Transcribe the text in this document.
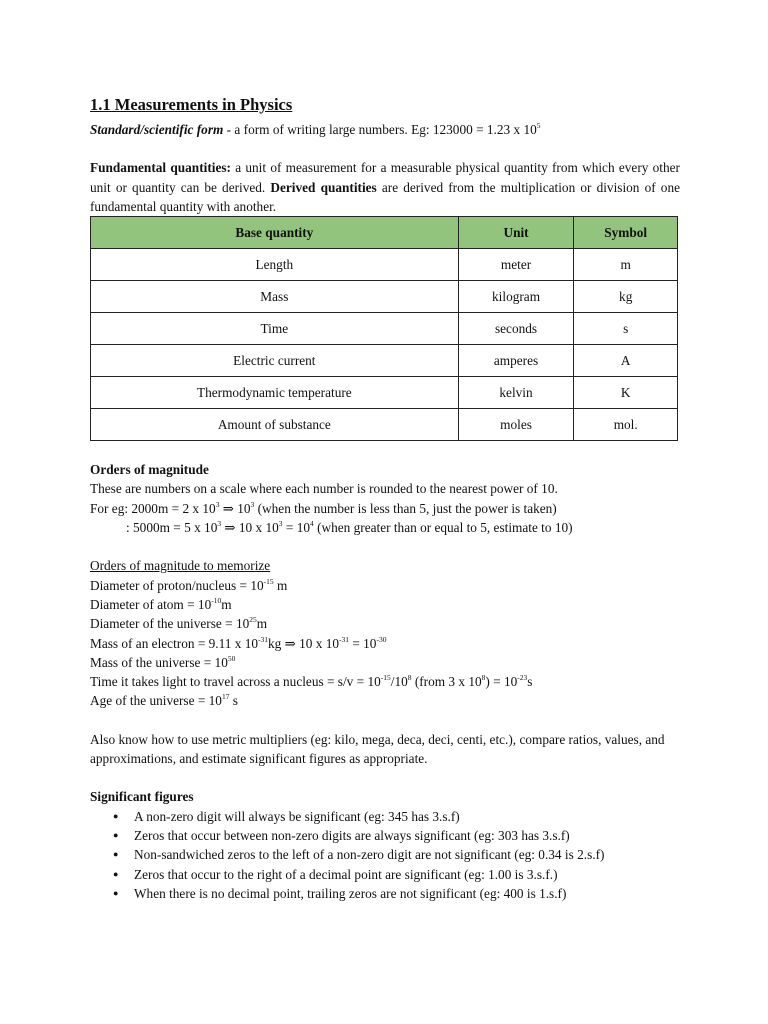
1.1 Measurements in Physics

Standard/scientific form - a form of writing large numbers. Eg: 123000 = 1.23 x $10^5$

Fundamental quantities: a unit of measurement for a measurable physical quantity from which every other unit or quantity can be derived. Derived quantities are derived from the multiplication or division of one fundamental quantity with another.

Base quantity	Unit	Symbol
Length	meter	m
Mass	kilogram	kg
Time	seconds	s
Electric current	amperes	A
Thermodynamic temperature	kelvin	K
Amount of substance	moles	mol.

Orders of magnitude

These are numbers on a scale where each number is rounded to the nearest power of 10.

For eg: 2000m = 2 x $10^3$ ⇒ $10^3$ (when the number is less than 5, just the power is taken)

: 5000m = 5 x $10^3$ ⇒ 10 x $10^3 = 10^4$ (when greater than or equal to 5, estimate to 10)

Orders of magnitude to memorize

Diameter of proton/nucleus = $10^{-15}$ m

Diameter of atom = $10^{-10}m$

Diameter of the universe = $10^{25}m$

Mass of an electron = 9.11 x $10^{-31}kg$ ⇒ 10 x $10^{-31} = 10^{-30}$

Mass of the universe = $10^{50}$

Time it takes light to travel across a nucleus = $s/v = 10^{-15}/10^8$ (from 3 x $10^8) = 10^{-23}s$

Age of the universe = $10^{17}$ s

Also know how to use metric multipliers (eg: kilo, mega, deca, deci, centi, etc.), compare ratios, values, and approximations, and estimate significant figures as appropriate.

Significant figures

● A non-zero digit will always be significant (eg: 345 has 3.s.f)
● Zeros that occur between non-zero digits are always significant (eg: 303 has 3.s.f)
● Non-sandwiched zeros to the left of a non-zero digit are not significant (eg: 0.34 is 2.s.f)
● Zeros that occur to the right of a decimal point are significant (eg: 1.00 is 3.s.f.)
● When there is no decimal point, trailing zeros are not significant (eg: 400 is 1.s.f)
